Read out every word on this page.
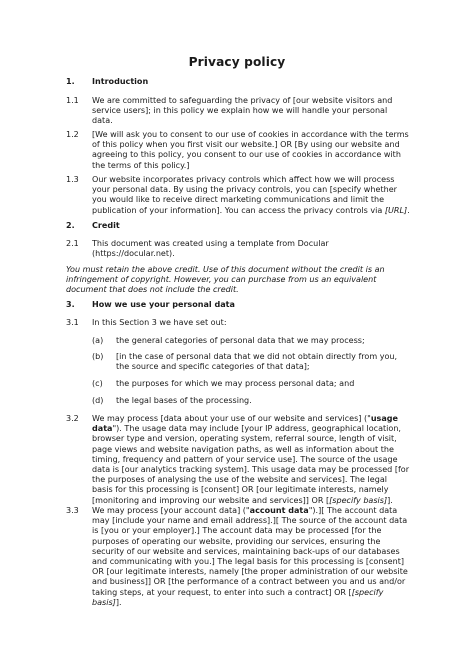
Privacy policy
1. Introduction
1.1 We are committed to safeguarding the privacy of [our website visitors and
service users]; in this policy we explain how we will handle your personal
data.
1.2 [We will ask you to consent to our use of cookies in accordance with the terms
of this policy when you first visit our website.] OR [By using our website and
agreeing to this policy, you consent to our use of cookies in accordance with
the terms of this policy.]
1.3 Our website incorporates privacy controls which affect how we will process
your personal data. By using the privacy controls, you can [specify whether
you would like to receive direct marketing communications and limit the
publication of your information]. You can access the privacy controls via [URL].
2. Credit
2.1 This document was created using a template from Docular
(https://docular.net).
You must retain the above credit. Use of this document without the credit is an
infringement of copyright. However, you can purchase from us an equivalent
document that does not include the credit.
3. How we use your personal data
3.1 In this Section 3 we have set out:
(a) the general categories of personal data that we may process;
(b) [in the case of personal data that we did not obtain directly from you,
the source and specific categories of that data];
(c) the purposes for which we may process personal data; and
(d) the legal bases of the processing.
3.2 We may process [data about your use of our website and services] ("usage
data"). The usage data may include [your IP address, geographical location,
browser type and version, operating system, referral source, length of visit,
page views and website navigation paths, as well as information about the
timing, frequency and pattern of your service use]. The source of the usage
data is [our analytics tracking system]. This usage data may be processed [for
the purposes of analysing the use of the website and services]. The legal
basis for this processing is [consent] OR [our legitimate interests, namely
[monitoring and improving our website and services]] OR [[specify basis]].
3.3 We may process [your account data] ("account data").][ The account data
may [include your name and email address].][ The source of the account data
is [you or your employer].] The account data may be processed [for the
purposes of operating our website, providing our services, ensuring the
security of our website and services, maintaining back-ups of our databases
and communicating with you.] The legal basis for this processing is [consent]
OR [our legitimate interests, namely [the proper administration of our website
and business]] OR [the performance of a contract between you and us and/or
taking steps, at your request, to enter into such a contract] OR [[specify
basis]].
